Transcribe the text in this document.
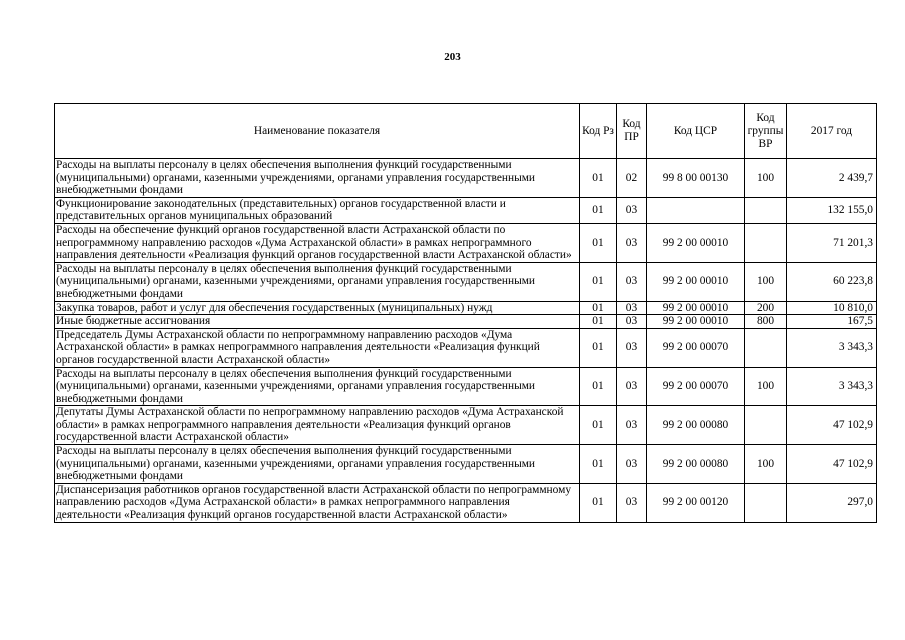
203
Наименование показателя	Код Рз	Код ПР	Код ЦСР	Код группы ВР	2017 год
Расходы на выплаты персоналу в целях обеспечения выполнения функций государственными (муниципальными) органами, казенными учреждениями, органами управления государственными внебюджетными фондами	01	02	99 8 00 00130	100	2 439,7
Функционирование законодательных (представительных) органов государственной власти и представительных органов муниципальных образований	01	03			132 155,0
Расходы на обеспечение функций органов государственной власти Астраханской области по непрограммному направлению расходов «Дума Астраханской области» в рамках непрограммного направления деятельности «Реализация функций органов государственной власти Астраханской области»	01	03	99 2 00 00010		71 201,3
Расходы на выплаты персоналу в целях обеспечения выполнения функций государственными (муниципальными) органами, казенными учреждениями, органами управления государственными внебюджетными фондами	01	03	99 2 00 00010	100	60 223,8
Закупка товаров, работ и услуг для обеспечения государственных (муниципальных) нужд	01	03	99 2 00 00010	200	10 810,0
Иные бюджетные ассигнования	01	03	99 2 00 00010	800	167,5
Председатель Думы Астраханской области по непрограммному направлению расходов «Дума Астраханской области» в рамках непрограммного направления деятельности «Реализация функций органов государственной власти Астраханской области»	01	03	99 2 00 00070		3 343,3
Расходы на выплаты персоналу в целях обеспечения выполнения функций государственными (муниципальными) органами, казенными учреждениями, органами управления государственными внебюджетными фондами	01	03	99 2 00 00070	100	3 343,3
Депутаты Думы Астраханской области по непрограммному направлению расходов «Дума Астраханской области» в рамках непрограммного направления деятельности «Реализация функций органов государственной власти Астраханской области»	01	03	99 2 00 00080		47 102,9
Расходы на выплаты персоналу в целях обеспечения выполнения функций государственными (муниципальными) органами, казенными учреждениями, органами управления государственными внебюджетными фондами	01	03	99 2 00 00080	100	47 102,9
Диспансеризация работников органов государственной власти Астраханской области по непрограммному направлению расходов «Дума Астраханской области» в рамках непрограммного направления деятельности «Реализация функций органов государственной власти Астраханской области»	01	03	99 2 00 00120		297,0
